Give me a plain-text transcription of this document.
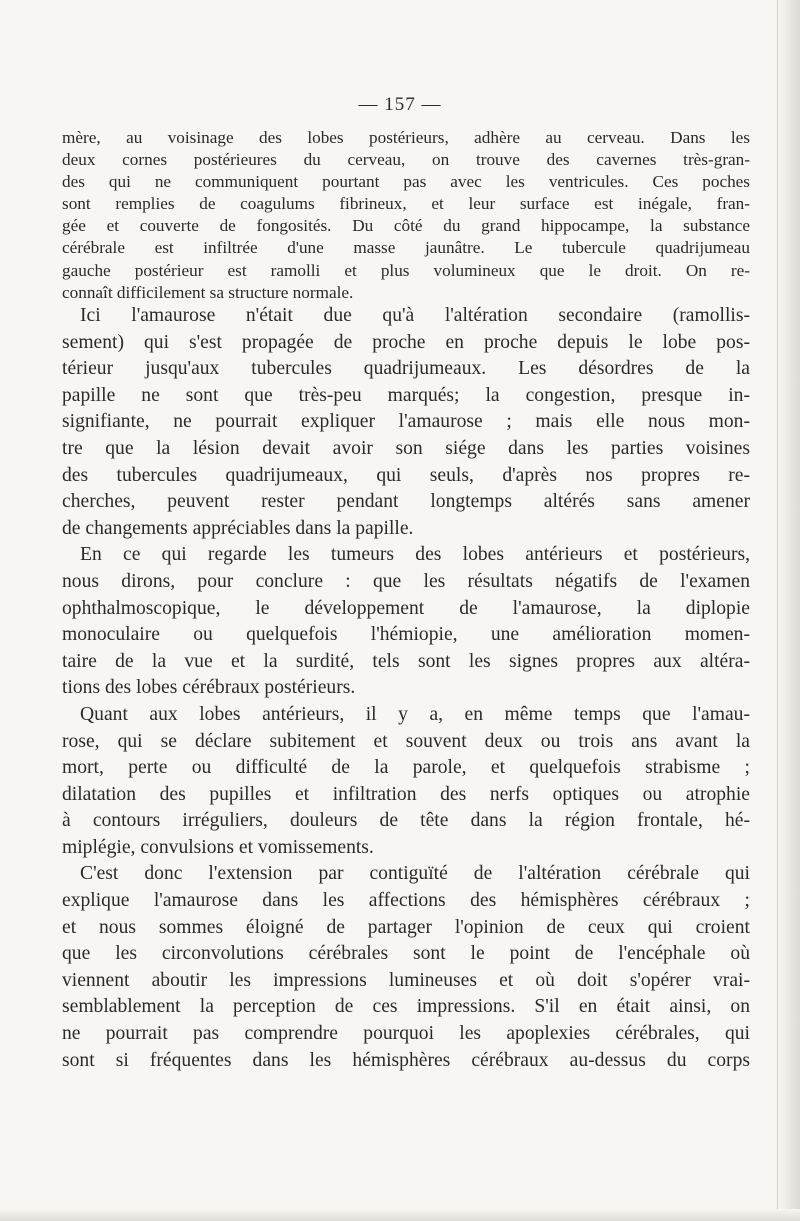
— 157 —
mère, au voisinage des lobes postérieurs, adhère au cerveau. Dans les
deux cornes postérieures du cerveau, on trouve des cavernes très-gran-
des qui ne communiquent pourtant pas avec les ventricules. Ces poches
sont remplies de coagulums fibrineux, et leur surface est inégale, fran-
gée et couverte de fongosités. Du côté du grand hippocampe, la substance
cérébrale est infiltrée d'une masse jaunâtre. Le tubercule quadrijumeau
gauche postérieur est ramolli et plus volumineux que le droit. On re-
connaît difficilement sa structure normale.
Ici l'amaurose n'était due qu'à l'altération secondaire (ramollis-
sement) qui s'est propagée de proche en proche depuis le lobe pos-
térieur jusqu'aux tubercules quadrijumeaux. Les désordres de la
papille ne sont que très-peu marqués; la congestion, presque in-
signifiante, ne pourrait expliquer l'amaurose ; mais elle nous mon-
tre que la lésion devait avoir son siége dans les parties voisines
des tubercules quadrijumeaux, qui seuls, d'après nos propres re-
cherches, peuvent rester pendant longtemps altérés sans amener
de changements appréciables dans la papille.
En ce qui regarde les tumeurs des lobes antérieurs et postérieurs,
nous dirons, pour conclure : que les résultats négatifs de l'examen
ophthalmoscopique, le développement de l'amaurose, la diplopie
monoculaire ou quelquefois l'hémiopie, une amélioration momen-
taire de la vue et la surdité, tels sont les signes propres aux altéra-
tions des lobes cérébraux postérieurs.
Quant aux lobes antérieurs, il y a, en même temps que l'amau-
rose, qui se déclare subitement et souvent deux ou trois ans avant la
mort, perte ou difficulté de la parole, et quelquefois strabisme ;
dilatation des pupilles et infiltration des nerfs optiques ou atrophie
à contours irréguliers, douleurs de tête dans la région frontale, hé-
miplégie, convulsions et vomissements.
C'est donc l'extension par contiguïté de l'altération cérébrale qui
explique l'amaurose dans les affections des hémisphères cérébraux ;
et nous sommes éloigné de partager l'opinion de ceux qui croient
que les circonvolutions cérébrales sont le point de l'encéphale où
viennent aboutir les impressions lumineuses et où doit s'opérer vrai-
semblablement la perception de ces impressions. S'il en était ainsi, on
ne pourrait pas comprendre pourquoi les apoplexies cérébrales, qui
sont si fréquentes dans les hémisphères cérébraux au-dessus du corps
